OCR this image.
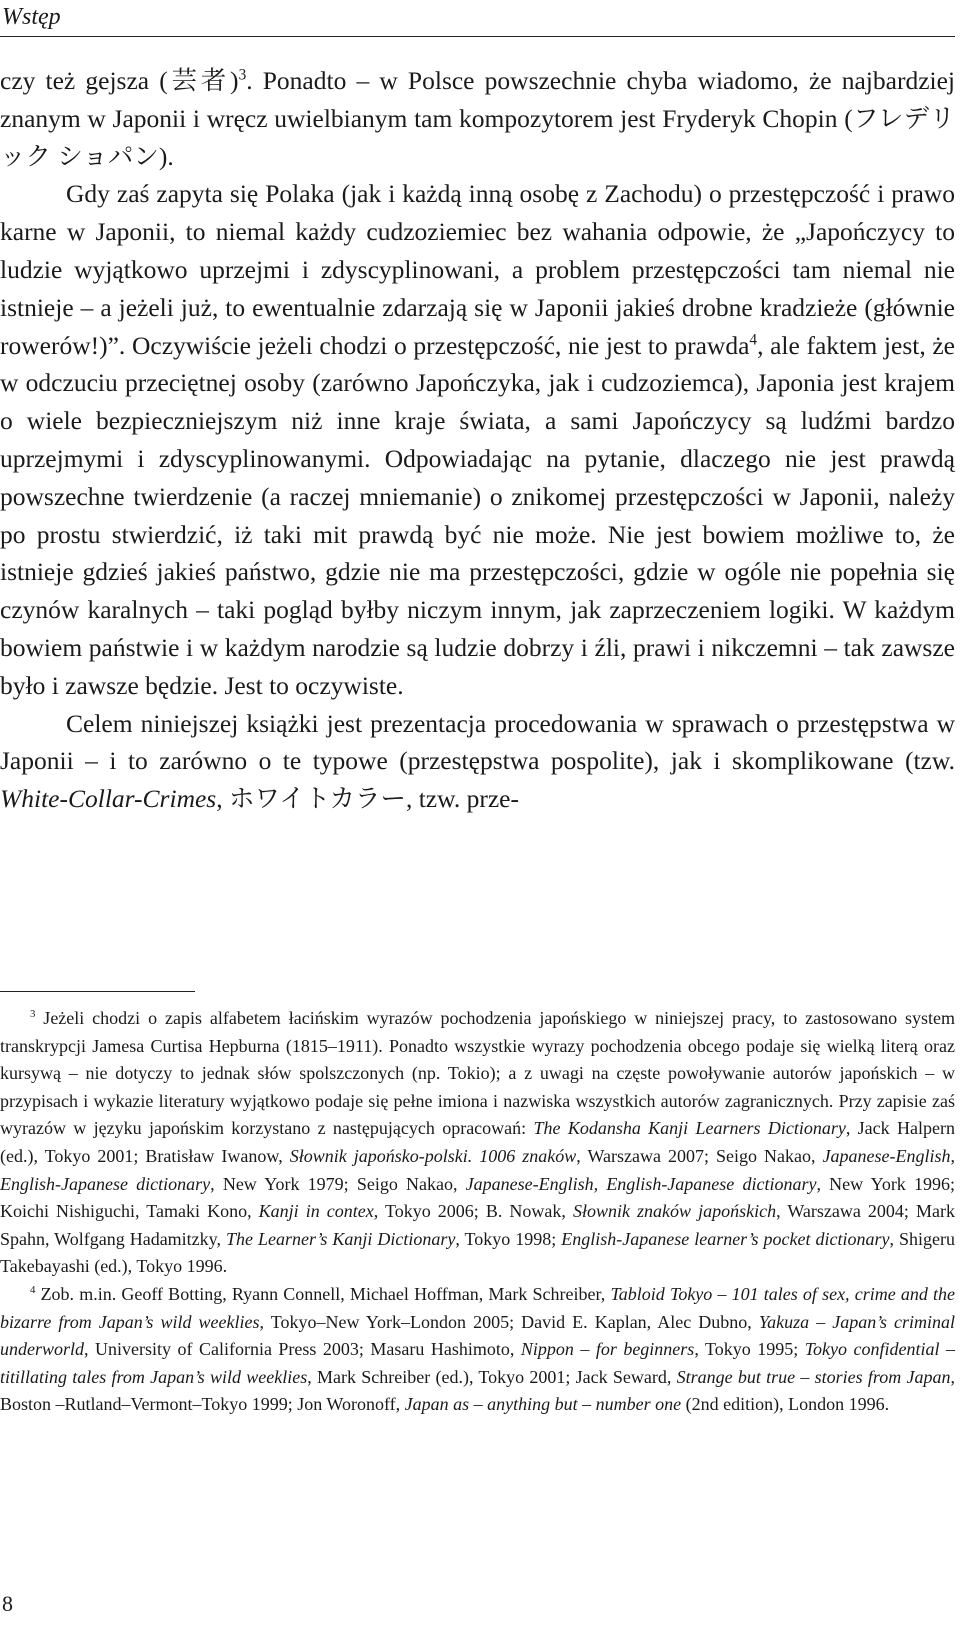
Wstęp

czy też gejsza (芸者)$^3$. Ponadto – w Polsce powszechnie chyba wiadomo, że najbardziej znanym w Japonii i wręcz uwielbianym tam kompozytorem jest Fryderyk Chopin (フレデリック ショパン).

Gdy zaś zapyta się Polaka (jak i każdą inną osobę z Zachodu) o przestępczość i prawo karne w Japonii, to niemal każdy cudzoziemiec bez wahania odpowie, że „Japończycy to ludzie wyjątkowo uprzejmi i zdyscyplinowani, a problem przestępczości tam niemal nie istnieje – a jeżeli już, to ewentualnie zdarzają się w Japonii jakieś drobne kradzieże (głównie rowerów!)”. Oczywiście jeżeli chodzi o przestępczość, nie jest to prawda$^4$, ale faktem jest, że w odczuciu przeciętnej osoby (zarówno Japończyka, jak i cudzoziemca), Japonia jest krajem o wiele bezpieczniejszym niż inne kraje świata, a sami Japończycy są ludźmi bardzo uprzejmymi i zdyscyplinowanymi. Odpowiadając na pytanie, dlaczego nie jest prawdą powszechne twierdzenie (a raczej mniemanie) o znikomej przestępczości w Japonii, należy po prostu stwierdzić, iż taki mit prawdą być nie może. Nie jest bowiem możliwe to, że istnieje gdzieś jakieś państwo, gdzie nie ma przestępczości, gdzie w ogóle nie popełnia się czynów karalnych – taki pogląd byłby niczym innym, jak zaprzeczeniem logiki. W każdym bowiem państwie i w każdym narodzie są ludzie dobrzy i źli, prawi i nikczemni – tak zawsze było i zawsze będzie. Jest to oczywiste.

Celem niniejszej książki jest prezentacja procedowania w sprawach o przestępstwa w Japonii – i to zarówno o te typowe (przestępstwa pospolite), jak i skomplikowane (tzw. White-Collar-Crimes, ホワイトカラー, tzw. prze-

$^3$ Jeżeli chodzi o zapis alfabetem łacińskim wyrazów pochodzenia japońskiego w niniejszej pracy, to zastosowano system transkrypcji Jamesa Curtisa Hepburna (1815–1911). Ponadto wszystkie wyrazy pochodzenia obcego podaje się wielką literą oraz kursywą – nie dotyczy to jednak słów spolszczonych (np. Tokio); a z uwagi na częste powoływanie autorów japońskich – w przypisach i wykazie literatury wyjątkowo podaje się pełne imiona i nazwiska wszystkich autorów zagranicznych. Przy zapisie zaś wyrazów w języku japońskim korzystano z następujących opracowań: The Kodansha Kanji Learners Dictionary, Jack Halpern (ed.), Tokyo 2001; Bratisław Iwanow, Słownik japońsko-polski. 1006 znaków, Warszawa 2007; Seigo Nakao, Japanese-English, English-Japanese dictionary, New York 1979; Seigo Nakao, Japanese-English, English-Japanese dictionary, New York 1996; Koichi Nishiguchi, Tamaki Kono, Kanji in contex, Tokyo 2006; B. Nowak, Słownik znaków japońskich, Warszawa 2004; Mark Spahn, Wolfgang Hadamitzky, The Learner’s Kanji Dictionary, Tokyo 1998; English-Japanese learner’s pocket dictionary, Shigeru Takebayashi (ed.), Tokyo 1996.

$^4$ Zob. m.in. Geoff Botting, Ryann Connell, Michael Hoffman, Mark Schreiber, Tabloid Tokyo – 101 tales of sex, crime and the bizarre from Japan’s wild weeklies, Tokyo–New York–London 2005; David E. Kaplan, Alec Dubno, Yakuza – Japan’s criminal underworld, University of California Press 2003; Masaru Hashimoto, Nippon – for beginners, Tokyo 1995; Tokyo confidential – titillating tales from Japan’s wild weeklies, Mark Schreiber (ed.), Tokyo 2001; Jack Seward, Strange but true – stories from Japan, Boston –Rutland–Vermont–Tokyo 1999; Jon Woronoff, Japan as – anything but – number one (2nd edition), London 1996.

8
